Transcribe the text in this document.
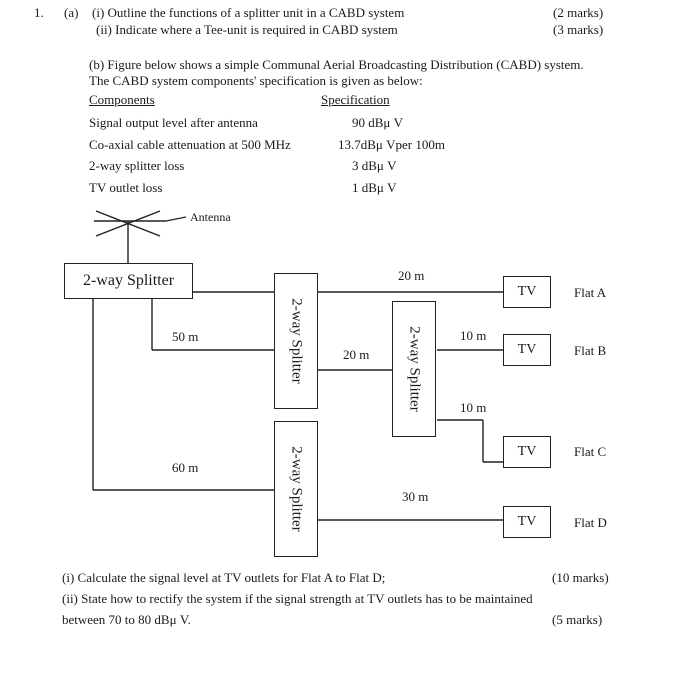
1. (a) (i) Outline the functions of a splitter unit in a CABD system	(2 marks)
(ii) Indicate where a Tee-unit is required in CABD system	(3 marks)
(b) Figure below shows a simple Communal Aerial Broadcasting Distribution (CABD) system.
The CABD system components' specification is given as below:
Components	Specification
Signal output level after antenna	90 dBμ V
Co-axial cable attenuation at 500 MHz	13.7dBμ Vper 100m
2-way splitter loss	3 dBμ V
TV outlet loss	1 dBμ V
Antenna
2-way Splitter
2-way Splitter
2-way Splitter
2-way Splitter
20 m
50 m
60 m
20 m
10 m
10 m
30 m
TV
TV
TV
TV
Flat A
Flat B
Flat C
Flat D
(i) Calculate the signal level at TV outlets for Flat A to Flat D;	(10 marks)
(ii) State how to rectify the system if the signal strength at TV outlets has to be maintained
between 70 to 80 dBμ V.	(5 marks)
